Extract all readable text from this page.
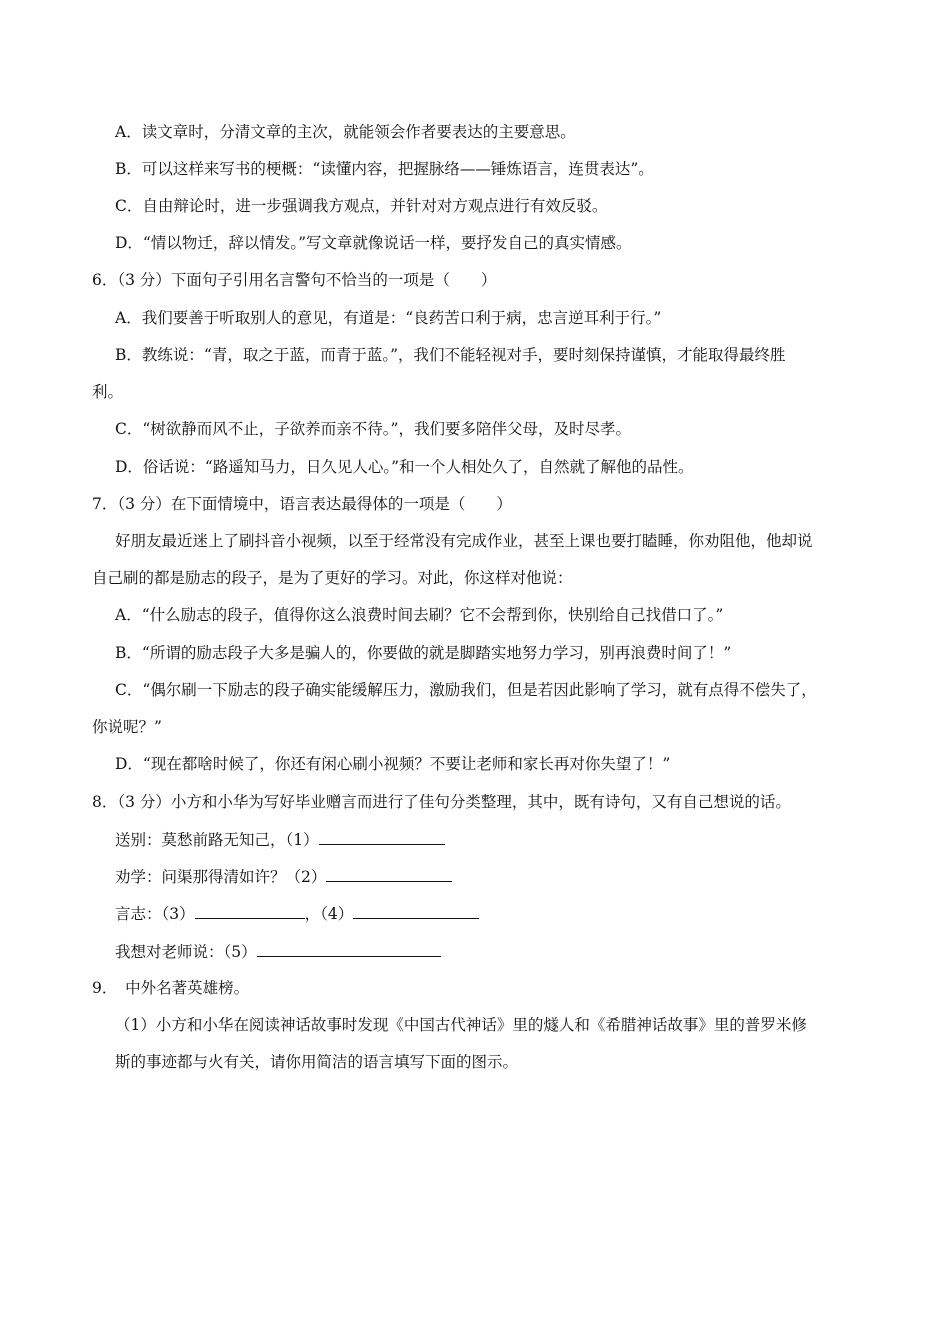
A．读文章时，分清文章的主次，就能领会作者要表达的主要意思。
B．可以这样来写书的梗概：“读懂内容，把握脉络——锤炼语言，连贯表达”。
C．自由辩论时，进一步强调我方观点，并针对对方观点进行有效反驳。
D．“情以物迁，辞以情发。”写文章就像说话一样，要抒发自己的真实情感。
6．（3 分）下面句子引用名言警句不恰当的一项是（　　）
A．我们要善于听取别人的意见，有道是：“良药苦口利于病，忠言逆耳利于行。”
B．教练说：“青，取之于蓝，而青于蓝。”，我们不能轻视对手，要时刻保持谨慎，才能取得最终胜
利。
C．“树欲静而风不止，子欲养而亲不待。”，我们要多陪伴父母，及时尽孝。
D．俗话说：“路遥知马力，日久见人心。”和一个人相处久了，自然就了解他的品性。
7．（3 分）在下面情境中，语言表达最得体的一项是（　　）
好朋友最近迷上了刷抖音小视频，以至于经常没有完成作业，甚至上课也要打瞌睡，你劝阻他，他却说
自己刷的都是励志的段子，是为了更好的学习。对此，你这样对他说：
A．“什么励志的段子，值得你这么浪费时间去刷？它不会帮到你，快别给自己找借口了。”
B．“所谓的励志段子大多是骗人的，你要做的就是脚踏实地努力学习，别再浪费时间了！”
C．“偶尔刷一下励志的段子确实能缓解压力，激励我们，但是若因此影响了学习，就有点得不偿失了，
你说呢？”
D．“现在都啥时候了，你还有闲心刷小视频？不要让老师和家长再对你失望了！”
8．（3 分）小方和小华为写好毕业赠言而进行了佳句分类整理，其中，既有诗句，又有自己想说的话。
送别：莫愁前路无知己，（1）
劝学：问渠那得清如许？（2）
言志：（3）	，（4）
我想对老师说：（5）
9．　中外名著英雄榜。
（1）小方和小华在阅读神话故事时发现《中国古代神话》里的燧人和《希腊神话故事》里的普罗米修
斯的事迹都与火有关，请你用简洁的语言填写下面的图示。
